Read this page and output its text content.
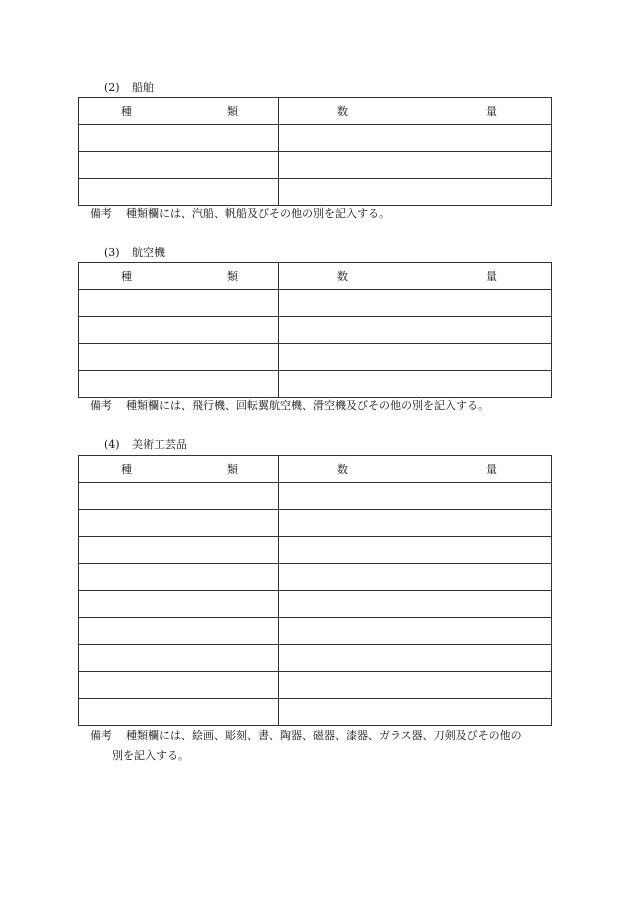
(2) 船舶
種 類	数 量

備考 種類欄には、汽船、帆船及びその他の別を記入する。
(3) 航空機
種 類	数 量

備考 種類欄には、飛行機、回転翼航空機、滑空機及びその他の別を記入する。
(4) 美術工芸品
種 類	数 量

備考 種類欄には、絵画、彫刻、書、陶器、磁器、漆器、ガラス器、刀剣及びその他の
別を記入する。
